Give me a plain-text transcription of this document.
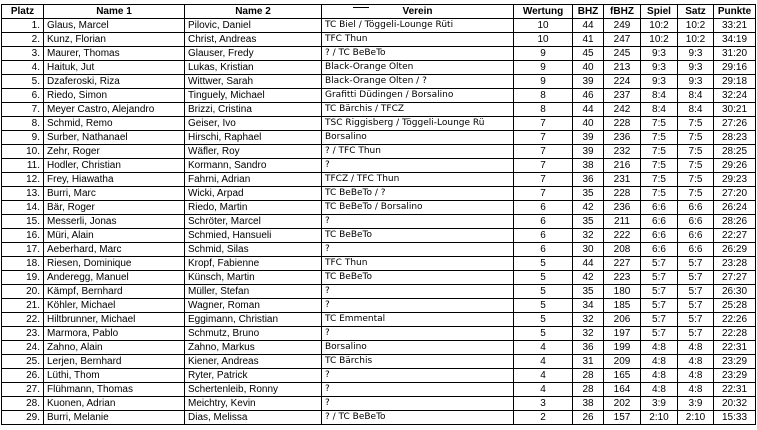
Platz	Name 1	Name 2	Verein	Wertung	BHZ	fBHZ	Spiel	Satz	Punkte
1.	Glaus, Marcel	Pilovic, Daniel	TC Biel / Töggeli-Lounge Rüti	10	44	249	10:2	10:2	33:21
2.	Kunz, Florian	Christ, Andreas	TFC Thun	10	41	247	10:2	10:2	34:19
3.	Maurer, Thomas	Glauser, Fredy	? / TC BeBeTo	9	45	245	9:3	9:3	31:20
4.	Haituk, Jut	Lukas, Kristian	Black-Orange Olten	9	40	213	9:3	9:3	29:16
5.	Dzaferoski, Riza	Wittwer, Sarah	Black-Orange Olten / ?	9	39	224	9:3	9:3	29:18
6.	Riedo, Simon	Tinguely, Michael	Grafitti Düdingen / Borsalino	8	46	237	8:4	8:4	32:24
7.	Meyer Castro, Alejandro	Brizzi, Cristina	TC Bärchis / TFCZ	8	44	242	8:4	8:4	30:21
8.	Schmid, Remo	Geiser, Ivo	TSC Riggisberg / Töggeli-Lounge Rü	7	40	228	7:5	7:5	27:26
9.	Surber, Nathanael	Hirschi, Raphael	Borsalino	7	39	236	7:5	7:5	28:23
10.	Zehr, Roger	Wäfler, Roy	? / TFC Thun	7	39	232	7:5	7:5	28:25
11.	Hodler, Christian	Kormann, Sandro	?	7	38	216	7:5	7:5	29:26
12.	Frey, Hiawatha	Fahrni, Adrian	TFCZ / TFC Thun	7	36	231	7:5	7:5	29:23
13.	Burri, Marc	Wicki, Arpad	TC BeBeTo / ?	7	35	228	7:5	7:5	27:20
14.	Bär, Roger	Riedo, Martin	TC BeBeTo / Borsalino	6	42	236	6:6	6:6	26:24
15.	Messerli, Jonas	Schröter, Marcel	?	6	35	211	6:6	6:6	28:26
16.	Müri, Alain	Schmied, Hansueli	TC BeBeTo	6	32	222	6:6	6:6	22:27
17.	Aeberhard, Marc	Schmid, Silas	?	6	30	208	6:6	6:6	26:29
18.	Riesen, Dominique	Kropf, Fabienne	TFC Thun	5	44	227	5:7	5:7	23:28
19.	Anderegg, Manuel	Künsch, Martin	TC BeBeTo	5	42	223	5:7	5:7	27:27
20.	Kämpf, Bernhard	Müller, Stefan	?	5	35	180	5:7	5:7	26:30
21.	Köhler, Michael	Wagner, Roman	?	5	34	185	5:7	5:7	25:28
22.	Hiltbrunner, Michael	Eggimann, Christian	TC Emmental	5	32	206	5:7	5:7	22:26
23.	Marmora, Pablo	Schmutz, Bruno	?	5	32	197	5:7	5:7	22:28
24.	Zahno, Alain	Zahno, Markus	Borsalino	4	36	199	4:8	4:8	22:31
25.	Lerjen, Bernhard	Kiener, Andreas	TC Bärchis	4	31	209	4:8	4:8	23:29
26.	Lüthi, Thom	Ryter, Patrick	?	4	28	165	4:8	4:8	23:29
27.	Flühmann, Thomas	Schertenleib, Ronny	?	4	28	164	4:8	4:8	22:31
28.	Kuonen, Adrian	Meichtry, Kevin	?	3	38	202	3:9	3:9	20:32
29.	Burri, Melanie	Dias, Melissa	? / TC BeBeTo	2	26	157	2:10	2:10	15:33
